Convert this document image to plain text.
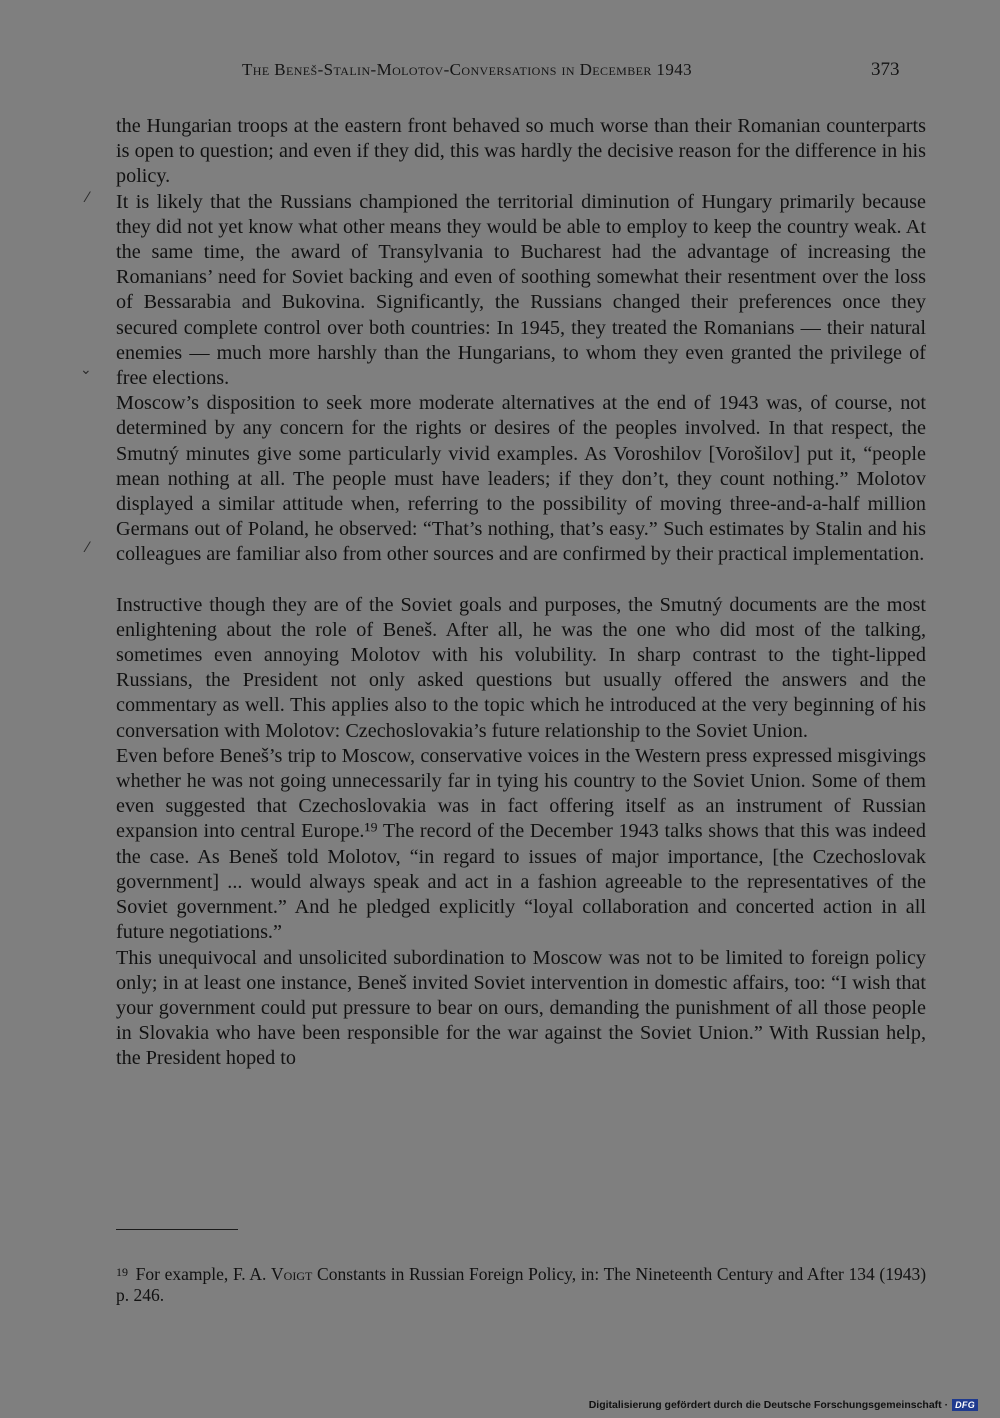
The Beneš-Stalin-Molotov-Conversations in December 1943	373
⁄
⌄
⁄

the Hungarian troops at the eastern front behaved so much worse than their Romanian counterparts is open to question; and even if they did, this was hardly the decisive reason for the difference in his policy.

It is likely that the Russians championed the territorial diminution of Hungary primarily because they did not yet know what other means they would be able to employ to keep the country weak. At the same time, the award of Transylvania to Bucharest had the advantage of increasing the Romanians’ need for Soviet backing and even of soothing somewhat their resentment over the loss of Bessarabia and Bukovina. Significantly, the Russians changed their preferences once they secured complete control over both countries: In 1945, they treated the Romanians — their natural enemies — much more harshly than the Hungarians, to whom they even granted the privilege of free elections.

Moscow’s disposition to seek more moderate alternatives at the end of 1943 was, of course, not determined by any concern for the rights or desires of the peoples involved. In that respect, the Smutný minutes give some particularly vivid examples. As Voroshilov [Vorošilov] put it, “people mean nothing at all. The people must have leaders; if they don’t, they count nothing.” Molotov displayed a similar attitude when, referring to the possibility of moving three-and-a-half million Germans out of Poland, he observed: “That’s nothing, that’s easy.” Such estimates by Stalin and his colleagues are familiar also from other sources and are confirmed by their practical implementation.

Instructive though they are of the Soviet goals and purposes, the Smutný documents are the most enlightening about the role of Beneš. After all, he was the one who did most of the talking, sometimes even annoying Molotov with his volubility. In sharp contrast to the tight-lipped Russians, the President not only asked questions but usually offered the answers and the commentary as well. This applies also to the topic which he introduced at the very beginning of his conversation with Molotov: Czechoslovakia’s future relationship to the Soviet Union.

Even before Beneš’s trip to Moscow, conservative voices in the Western press expressed misgivings whether he was not going unnecessarily far in tying his country to the Soviet Union. Some of them even suggested that Czechoslovakia was in fact offering itself as an instrument of Russian expansion into central Europe.¹⁹ The record of the December 1943 talks shows that this was indeed the case. As Beneš told Molotov, “in regard to issues of major importance, [the Czechoslovak government] ... would always speak and act in a fashion agreeable to the representatives of the Soviet government.” And he pledged explicitly “loyal collaboration and concerted action in all future negotiations.”

This unequivocal and unsolicited subordination to Moscow was not to be limited to foreign policy only; in at least one instance, Beneš invited Soviet intervention in domestic affairs, too: “I wish that your government could put pressure to bear on ours, demanding the punishment of all those people in Slovakia who have been responsible for the war against the Soviet Union.” With Russian help, the President hoped to

$^{19}$ For example, F. A. Voigt Constants in Russian Foreign Policy, in: The Nineteenth Century and After 134 (1943) p. 246.

Digitalisierung gefördert durch die Deutsche Forschungsgemeinschaft · DFG
